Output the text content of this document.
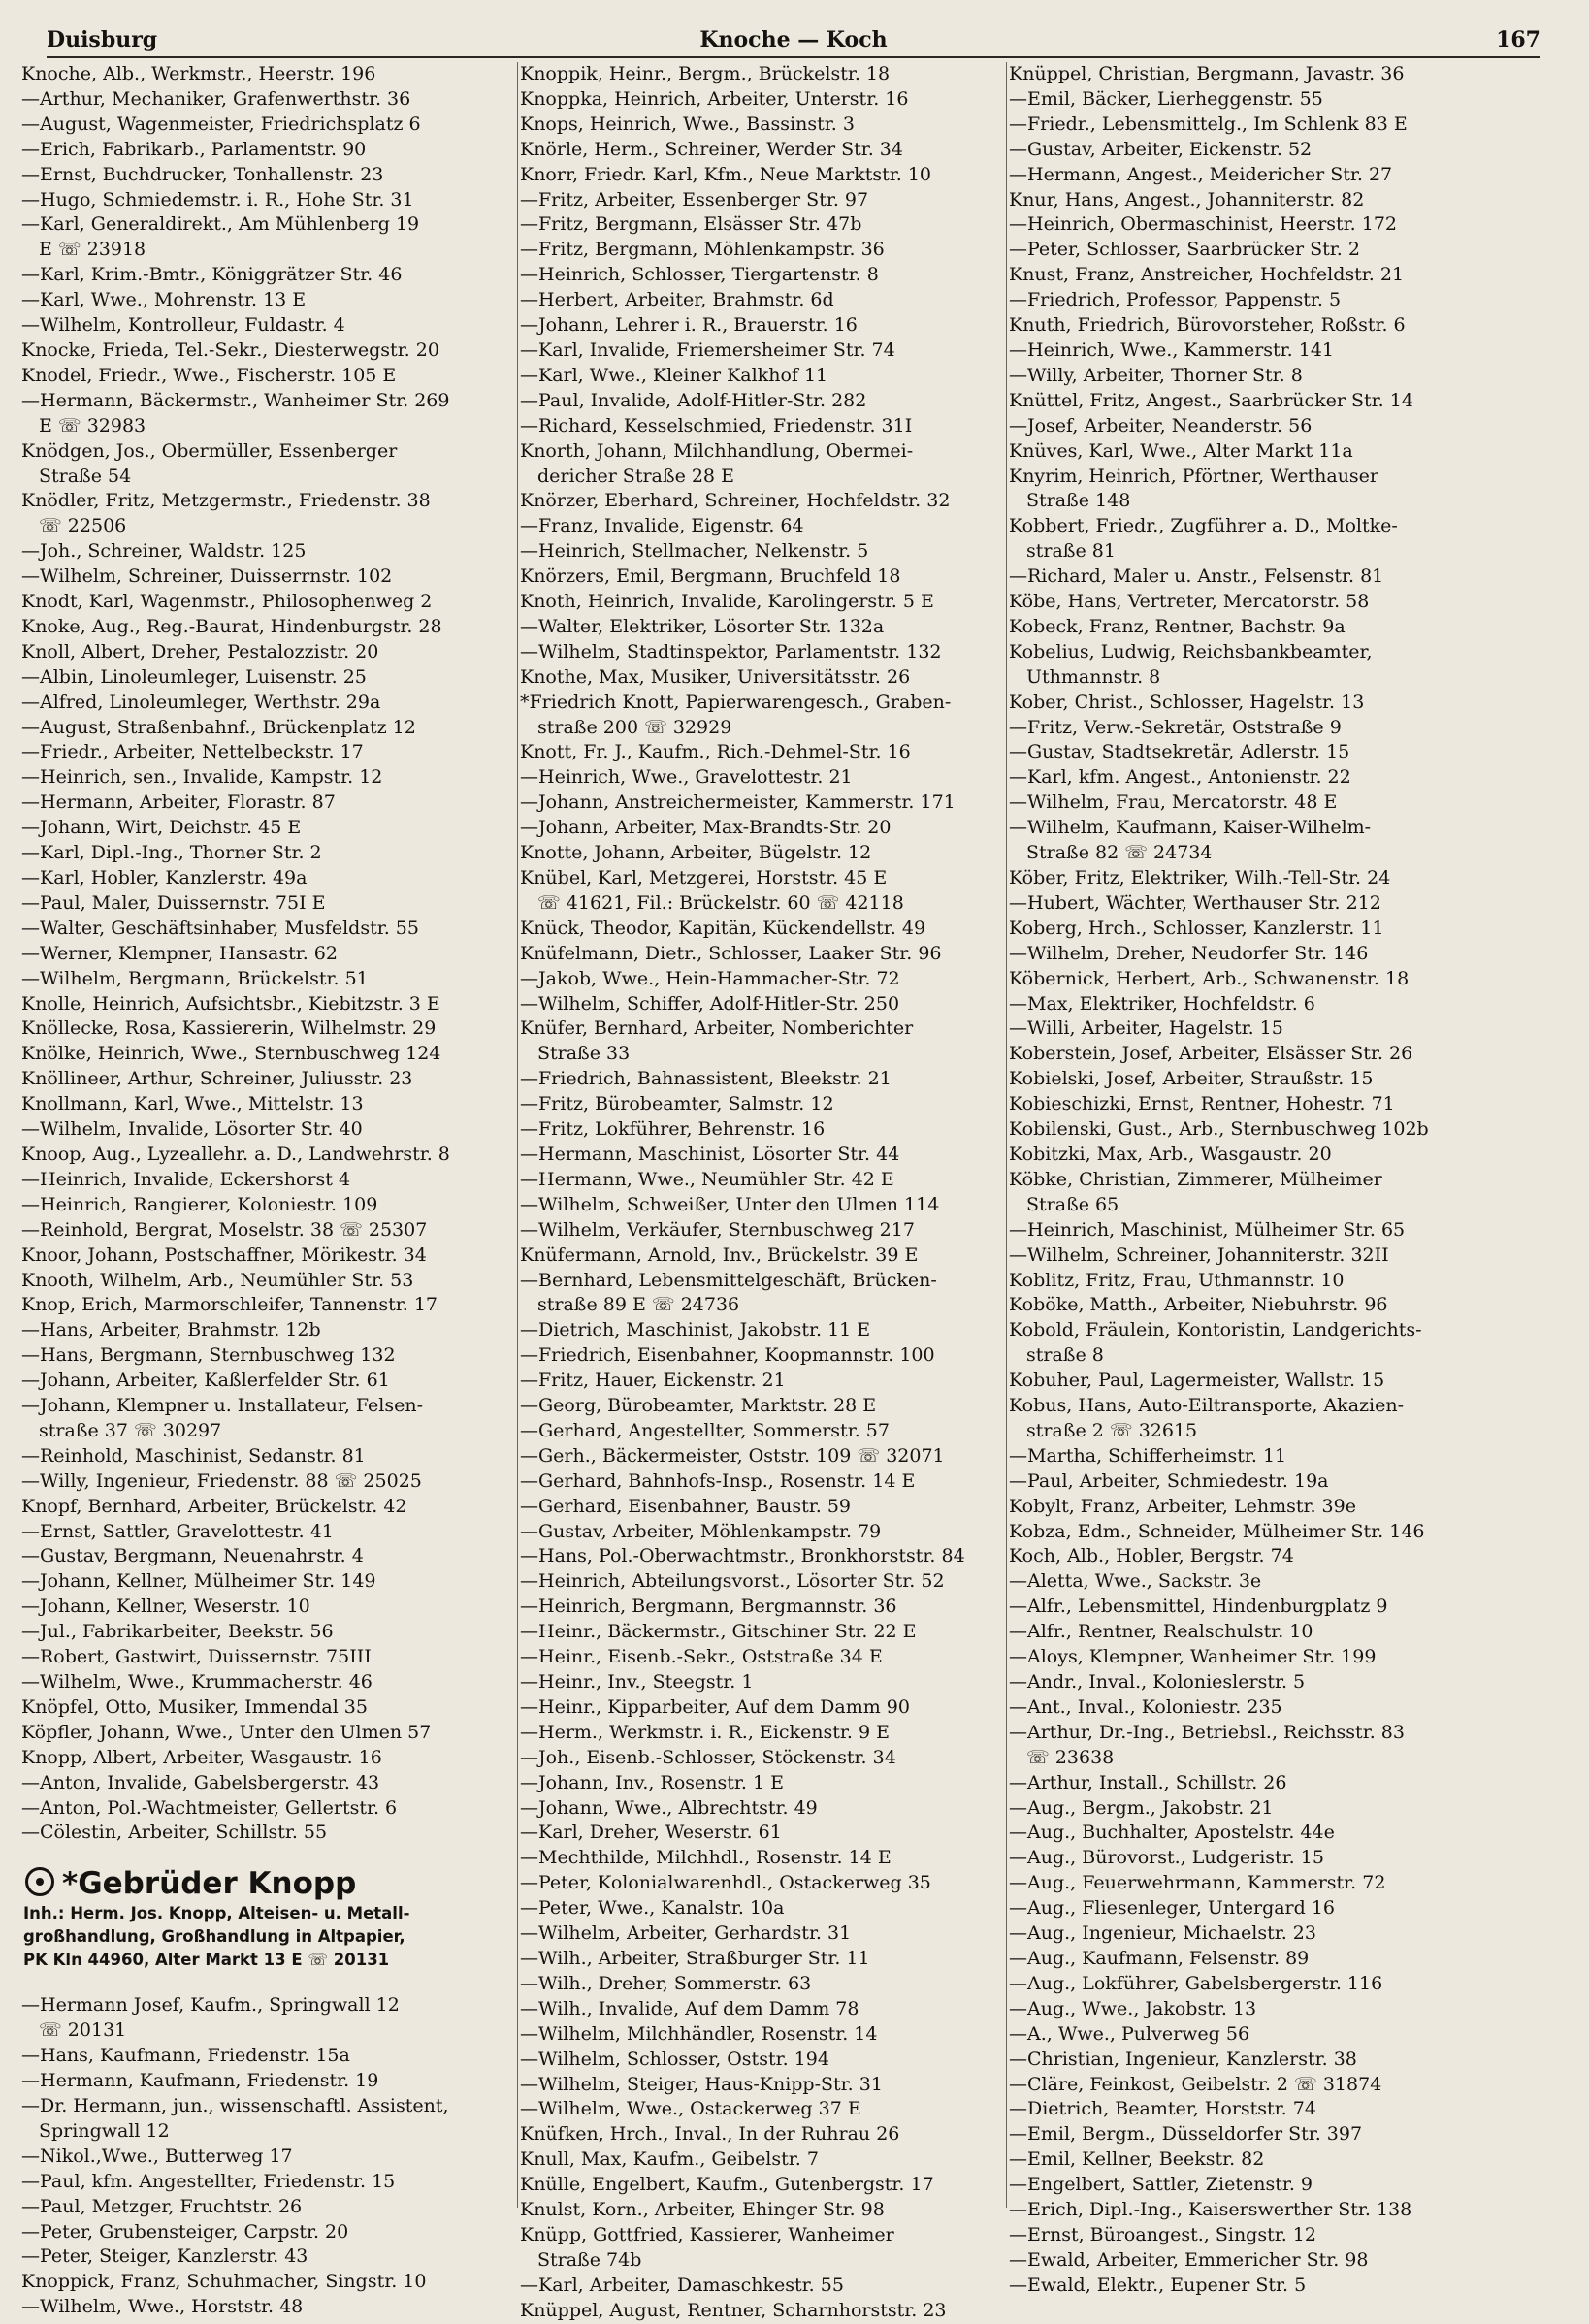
Duisburg	Knoche — Koch	167
Knoche, Alb., Werkmstr., Heerstr. 196
—Arthur, Mechaniker, Grafenwerthstr. 36
—August, Wagenmeister, Friedrichsplatz 6
—Erich, Fabrikarb., Parlamentstr. 90
—Ernst, Buchdrucker, Tonhallenstr. 23
—Hugo, Schmiedemstr. i. R., Hohe Str. 31
—Karl, Generaldirekt., Am Mühlenberg 19
E ☏ 23918
—Karl, Krim.-Bmtr., Königgrätzer Str. 46
—Karl, Wwe., Mohrenstr. 13 E
—Wilhelm, Kontrolleur, Fuldastr. 4
Knocke, Frieda, Tel.-Sekr., Diesterwegstr. 20
Knodel, Friedr., Wwe., Fischerstr. 105 E
—Hermann, Bäckermstr., Wanheimer Str. 269
E ☏ 32983
Knödgen, Jos., Obermüller, Essenberger
Straße 54
Knödler, Fritz, Metzgermstr., Friedenstr. 38
☏ 22506
—Joh., Schreiner, Waldstr. 125
—Wilhelm, Schreiner, Duisserrnstr. 102
Knodt, Karl, Wagenmstr., Philosophenweg 2
Knoke, Aug., Reg.-Baurat, Hindenburgstr. 28
Knoll, Albert, Dreher, Pestalozzistr. 20
—Albin, Linoleumleger, Luisenstr. 25
—Alfred, Linoleumleger, Werthstr. 29a
—August, Straßenbahnf., Brückenplatz 12
—Friedr., Arbeiter, Nettelbeckstr. 17
—Heinrich, sen., Invalide, Kampstr. 12
—Hermann, Arbeiter, Florastr. 87
—Johann, Wirt, Deichstr. 45 E
—Karl, Dipl.-Ing., Thorner Str. 2
—Karl, Hobler, Kanzlerstr. 49a
—Paul, Maler, Duissernstr. 75I E
—Walter, Geschäftsinhaber, Musfeldstr. 55
—Werner, Klempner, Hansastr. 62
—Wilhelm, Bergmann, Brückelstr. 51
Knolle, Heinrich, Aufsichtsbr., Kiebitzstr. 3 E
Knöllecke, Rosa, Kassiererin, Wilhelmstr. 29
Knölke, Heinrich, Wwe., Sternbuschweg 124
Knöllineer, Arthur, Schreiner, Juliusstr. 23
Knollmann, Karl, Wwe., Mittelstr. 13
—Wilhelm, Invalide, Lösorter Str. 40
Knoop, Aug., Lyzeallehr. a. D., Landwehrstr. 8
—Heinrich, Invalide, Eckershorst 4
—Heinrich, Rangierer, Koloniestr. 109
—Reinhold, Bergrat, Moselstr. 38 ☏ 25307
Knoor, Johann, Postschaffner, Mörikestr. 34
Knooth, Wilhelm, Arb., Neumühler Str. 53
Knop, Erich, Marmorschleifer, Tannenstr. 17
—Hans, Arbeiter, Brahmstr. 12b
—Hans, Bergmann, Sternbuschweg 132
—Johann, Arbeiter, Kaßlerfelder Str. 61
—Johann, Klempner u. Installateur, Felsen-
straße 37 ☏ 30297
—Reinhold, Maschinist, Sedanstr. 81
—Willy, Ingenieur, Friedenstr. 88 ☏ 25025
Knopf, Bernhard, Arbeiter, Brückelstr. 42
—Ernst, Sattler, Gravelottestr. 41
—Gustav, Bergmann, Neuenahrstr. 4
—Johann, Kellner, Mülheimer Str. 149
—Johann, Kellner, Weserstr. 10
—Jul., Fabrikarbeiter, Beekstr. 56
—Robert, Gastwirt, Duissernstr. 75III
—Wilhelm, Wwe., Krummacherstr. 46
Knöpfel, Otto, Musiker, Immendal 35
Köpfler, Johann, Wwe., Unter den Ulmen 57
Knopp, Albert, Arbeiter, Wasgaustr. 16
—Anton, Invalide, Gabelsbergerstr. 43
—Anton, Pol.-Wachtmeister, Gellertstr. 6
—Cölestin, Arbeiter, Schillstr. 55
*Gebrüder Knopp
Inh.: Herm. Jos. Knopp, Alteisen- u. Metall-
großhandlung, Großhandlung in Altpapier,
PK Kln 44960, Alter Markt 13 E ☏ 20131
—Hermann Josef, Kaufm., Springwall 12
☏ 20131
—Hans, Kaufmann, Friedenstr. 15a
—Hermann, Kaufmann, Friedenstr. 19
—Dr. Hermann, jun., wissenschaftl. Assistent,
Springwall 12
—Nikol.,Wwe., Butterweg 17
—Paul, kfm. Angestellter, Friedenstr. 15
—Paul, Metzger, Fruchtstr. 26
—Peter, Grubensteiger, Carpstr. 20
—Peter, Steiger, Kanzlerstr. 43
Knoppick, Franz, Schuhmacher, Singstr. 10
—Wilhelm, Wwe., Horststr. 48
Knoppik, Heinr., Bergm., Brückelstr. 18
Knoppka, Heinrich, Arbeiter, Unterstr. 16
Knops, Heinrich, Wwe., Bassinstr. 3
Knörle, Herm., Schreiner, Werder Str. 34
Knorr, Friedr. Karl, Kfm., Neue Marktstr. 10
—Fritz, Arbeiter, Essenberger Str. 97
—Fritz, Bergmann, Elsässer Str. 47b
—Fritz, Bergmann, Möhlenkampstr. 36
—Heinrich, Schlosser, Tiergartenstr. 8
—Herbert, Arbeiter, Brahmstr. 6d
—Johann, Lehrer i. R., Brauerstr. 16
—Karl, Invalide, Friemersheimer Str. 74
—Karl, Wwe., Kleiner Kalkhof 11
—Paul, Invalide, Adolf-Hitler-Str. 282
—Richard, Kesselschmied, Friedenstr. 31I
Knorth, Johann, Milchhandlung, Obermei-
dericher Straße 28 E
Knörzer, Eberhard, Schreiner, Hochfeldstr. 32
—Franz, Invalide, Eigenstr. 64
—Heinrich, Stellmacher, Nelkenstr. 5
Knörzers, Emil, Bergmann, Bruchfeld 18
Knoth, Heinrich, Invalide, Karolingerstr. 5 E
—Walter, Elektriker, Lösorter Str. 132a
—Wilhelm, Stadtinspektor, Parlamentstr. 132
Knothe, Max, Musiker, Universitätsstr. 26
*Friedrich Knott, Papierwarengesch., Graben-
straße 200 ☏ 32929
Knott, Fr. J., Kaufm., Rich.-Dehmel-Str. 16
—Heinrich, Wwe., Gravelottestr. 21
—Johann, Anstreichermeister, Kammerstr. 171
—Johann, Arbeiter, Max-Brandts-Str. 20
Knotte, Johann, Arbeiter, Bügelstr. 12
Knübel, Karl, Metzgerei, Horststr. 45 E
☏ 41621, Fil.: Brückelstr. 60 ☏ 42118
Knück, Theodor, Kapitän, Kückendellstr. 49
Knüfelmann, Dietr., Schlosser, Laaker Str. 96
—Jakob, Wwe., Hein-Hammacher-Str. 72
—Wilhelm, Schiffer, Adolf-Hitler-Str. 250
Knüfer, Bernhard, Arbeiter, Nomberichter
Straße 33
—Friedrich, Bahnassistent, Bleekstr. 21
—Fritz, Bürobeamter, Salmstr. 12
—Fritz, Lokführer, Behrenstr. 16
—Hermann, Maschinist, Lösorter Str. 44
—Hermann, Wwe., Neumühler Str. 42 E
—Wilhelm, Schweißer, Unter den Ulmen 114
—Wilhelm, Verkäufer, Sternbuschweg 217
Knüfermann, Arnold, Inv., Brückelstr. 39 E
—Bernhard, Lebensmittelgeschäft, Brücken-
straße 89 E ☏ 24736
—Dietrich, Maschinist, Jakobstr. 11 E
—Friedrich, Eisenbahner, Koopmannstr. 100
—Fritz, Hauer, Eickenstr. 21
—Georg, Bürobeamter, Marktstr. 28 E
—Gerhard, Angestellter, Sommerstr. 57
—Gerh., Bäckermeister, Oststr. 109 ☏ 32071
—Gerhard, Bahnhofs-Insp., Rosenstr. 14 E
—Gerhard, Eisenbahner, Baustr. 59
—Gustav, Arbeiter, Möhlenkampstr. 79
—Hans, Pol.-Oberwachtmstr., Bronkhorststr. 84
—Heinrich, Abteilungsvorst., Lösorter Str. 52
—Heinrich, Bergmann, Bergmannstr. 36
—Heinr., Bäckermstr., Gitschiner Str. 22 E
—Heinr., Eisenb.-Sekr., Oststraße 34 E
—Heinr., Inv., Steegstr. 1
—Heinr., Kipparbeiter, Auf dem Damm 90
—Herm., Werkmstr. i. R., Eickenstr. 9 E
—Joh., Eisenb.-Schlosser, Stöckenstr. 34
—Johann, Inv., Rosenstr. 1 E
—Johann, Wwe., Albrechtstr. 49
—Karl, Dreher, Weserstr. 61
—Mechthilde, Milchhdl., Rosenstr. 14 E
—Peter, Kolonialwarenhdl., Ostackerweg 35
—Peter, Wwe., Kanalstr. 10a
—Wilhelm, Arbeiter, Gerhardstr. 31
—Wilh., Arbeiter, Straßburger Str. 11
—Wilh., Dreher, Sommerstr. 63
—Wilh., Invalide, Auf dem Damm 78
—Wilhelm, Milchhändler, Rosenstr. 14
—Wilhelm, Schlosser, Oststr. 194
—Wilhelm, Steiger, Haus-Knipp-Str. 31
—Wilhelm, Wwe., Ostackerweg 37 E
Knüfken, Hrch., Inval., In der Ruhrau 26
Knull, Max, Kaufm., Geibelstr. 7
Knülle, Engelbert, Kaufm., Gutenbergstr. 17
Knulst, Korn., Arbeiter, Ehinger Str. 98
Knüpp, Gottfried, Kassierer, Wanheimer
Straße 74b
—Karl, Arbeiter, Damaschkestr. 55
Knüppel, August, Rentner, Scharnhorststr. 23
Knüppel, Christian, Bergmann, Javastr. 36
—Emil, Bäcker, Lierheggenstr. 55
—Friedr., Lebensmittelg., Im Schlenk 83 E
—Gustav, Arbeiter, Eickenstr. 52
—Hermann, Angest., Meidericher Str. 27
Knur, Hans, Angest., Johanniterstr. 82
—Heinrich, Obermaschinist, Heerstr. 172
—Peter, Schlosser, Saarbrücker Str. 2
Knust, Franz, Anstreicher, Hochfeldstr. 21
—Friedrich, Professor, Pappenstr. 5
Knuth, Friedrich, Bürovorsteher, Roßstr. 6
—Heinrich, Wwe., Kammerstr. 141
—Willy, Arbeiter, Thorner Str. 8
Knüttel, Fritz, Angest., Saarbrücker Str. 14
—Josef, Arbeiter, Neanderstr. 56
Knüves, Karl, Wwe., Alter Markt 11a
Knyrim, Heinrich, Pförtner, Werthauser
Straße 148
Kobbert, Friedr., Zugführer a. D., Moltke-
straße 81
—Richard, Maler u. Anstr., Felsenstr. 81
Köbe, Hans, Vertreter, Mercatorstr. 58
Kobeck, Franz, Rentner, Bachstr. 9a
Kobelius, Ludwig, Reichsbankbeamter,
Uthmannstr. 8
Kober, Christ., Schlosser, Hagelstr. 13
—Fritz, Verw.-Sekretär, Oststraße 9
—Gustav, Stadtsekretär, Adlerstr. 15
—Karl, kfm. Angest., Antonienstr. 22
—Wilhelm, Frau, Mercatorstr. 48 E
—Wilhelm, Kaufmann, Kaiser-Wilhelm-
Straße 82 ☏ 24734
Köber, Fritz, Elektriker, Wilh.-Tell-Str. 24
—Hubert, Wächter, Werthauser Str. 212
Koberg, Hrch., Schlosser, Kanzlerstr. 11
—Wilhelm, Dreher, Neudorfer Str. 146
Köbernick, Herbert, Arb., Schwanenstr. 18
—Max, Elektriker, Hochfeldstr. 6
—Willi, Arbeiter, Hagelstr. 15
Koberstein, Josef, Arbeiter, Elsässer Str. 26
Kobielski, Josef, Arbeiter, Straußstr. 15
Kobieschizki, Ernst, Rentner, Hohestr. 71
Kobilenski, Gust., Arb., Sternbuschweg 102b
Kobitzki, Max, Arb., Wasgaustr. 20
Köbke, Christian, Zimmerer, Mülheimer
Straße 65
—Heinrich, Maschinist, Mülheimer Str. 65
—Wilhelm, Schreiner, Johanniterstr. 32II
Koblitz, Fritz, Frau, Uthmannstr. 10
Koböke, Matth., Arbeiter, Niebuhrstr. 96
Kobold, Fräulein, Kontoristin, Landgerichts-
straße 8
Kobuher, Paul, Lagermeister, Wallstr. 15
Kobus, Hans, Auto-Eiltransporte, Akazien-
straße 2 ☏ 32615
—Martha, Schifferheimstr. 11
—Paul, Arbeiter, Schmiedestr. 19a
Kobylt, Franz, Arbeiter, Lehmstr. 39e
Kobza, Edm., Schneider, Mülheimer Str. 146
Koch, Alb., Hobler, Bergstr. 74
—Aletta, Wwe., Sackstr. 3e
—Alfr., Lebensmittel, Hindenburgplatz 9
—Alfr., Rentner, Realschulstr. 10
—Aloys, Klempner, Wanheimer Str. 199
—Andr., Inval., Kolonieslerstr. 5
—Ant., Inval., Koloniestr. 235
—Arthur, Dr.-Ing., Betriebsl., Reichsstr. 83
☏ 23638
—Arthur, Install., Schillstr. 26
—Aug., Bergm., Jakobstr. 21
—Aug., Buchhalter, Apostelstr. 44e
—Aug., Bürovorst., Ludgeristr. 15
—Aug., Feuerwehrmann, Kammerstr. 72
—Aug., Fliesenleger, Untergard 16
—Aug., Ingenieur, Michaelstr. 23
—Aug., Kaufmann, Felsenstr. 89
—Aug., Lokführer, Gabelsbergerstr. 116
—Aug., Wwe., Jakobstr. 13
—A., Wwe., Pulverweg 56
—Christian, Ingenieur, Kanzlerstr. 38
—Cläre, Feinkost, Geibelstr. 2 ☏ 31874
—Dietrich, Beamter, Horststr. 74
—Emil, Bergm., Düsseldorfer Str. 397
—Emil, Kellner, Beekstr. 82
—Engelbert, Sattler, Zietenstr. 9
—Erich, Dipl.-Ing., Kaiserswerther Str. 138
—Ernst, Büroangest., Singstr. 12
—Ewald, Arbeiter, Emmericher Str. 98
—Ewald, Elektr., Eupener Str. 5
